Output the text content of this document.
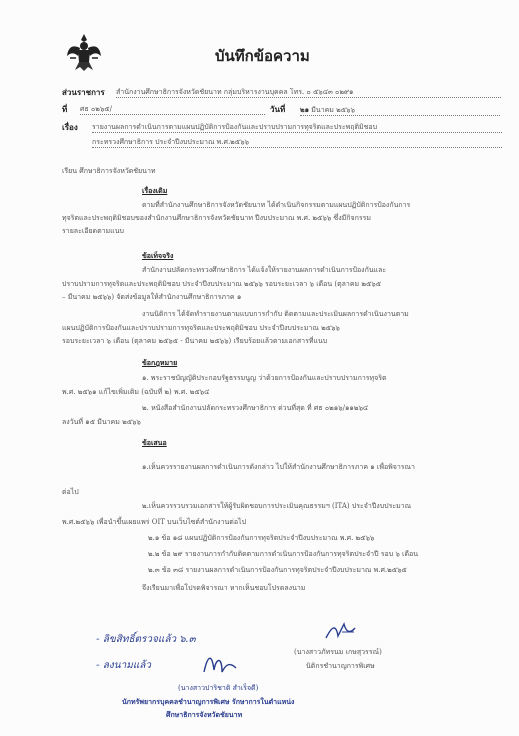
บันทึกข้อความ
ส่วนราชการ สำนักงานศึกษาธิการจังหวัดชัยนาท กลุ่มบริหารงานบุคคล โทร. ๐ ๕๖๔๓ ๐๒๙๑
ที่ ศธ ๐๒๖๕/	วันที่ ๒๑ มีนาคม ๒๕๖๖
เรื่อง รายงานผลการดำเนินการตามแผนปฏิบัติการป้องกันและปราบปรามการทุจริตและประพฤติมิชอบ
กระทรวงศึกษาธิการ ประจำปีงบประมาณ พ.ศ.๒๕๖๖
เรียน ศึกษาธิการจังหวัดชัยนาท
เรื่องเดิม
ตามที่สำนักงานศึกษาธิการจังหวัดชัยนาท ได้ดำเนินกิจกรรมตามแผนปฏิบัติการป้องกันการ
ทุจริตและประพฤติมิชอบของสำนักงานศึกษาธิการจังหวัดชัยนาท ปีงบประมาณ พ.ศ. ๒๕๖๖ ซึ่งมีกิจกรรม
รายละเอียดตามแนบ
ข้อเท็จจริง
สำนักงานปลัดกระทรวงศึกษาธิการ ได้แจ้งให้รายงานผลการดำเนินการป้องกันและ
ปราบปรามการทุจริตและประพฤติมิชอบ ประจำปีงบประมาณ ๒๕๖๖ รอบระยะเวลา ๖ เดือน (ตุลาคม ๒๕๖๕
– มีนาคม ๒๕๖๖) จัดส่งข้อมูลให้สำนักงานศึกษาธิการภาค ๑
งานนิติการ ได้จัดทำรายงานตามแบบการกำกับ ติดตามและประเมินผลการดำเนินงานตาม
แผนปฏิบัติการป้องกันและปราบปรามการทุจริตและประพฤติมิชอบ ประจำปีงบประมาณ ๒๕๖๖
รอบระยะเวลา ๖ เดือน (ตุลาคม ๒๕๖๕ - มีนาคม ๒๕๖๖) เรียบร้อยแล้วตามเอกสารที่แนบ
ข้อกฎหมาย
๑. พระราชบัญญัติประกอบรัฐธรรมนูญ ว่าด้วยการป้องกันและปราบปรามการทุจริต
พ.ศ. ๒๕๖๑ แก้ไขเพิ่มเติม (ฉบับที่ ๒) พ.ศ. ๒๕๖๔
๒. หนังสือสำนักงานปลัดกระทรวงศึกษาธิการ ด่วนที่สุด ที่ ศธ ๐๒๑๖/๑๑๒๖๔
ลงวันที่ ๑๕ มีนาคม ๒๕๖๖
ข้อเสนอ
๑.เห็นควรรายงานผลการดำเนินการดังกล่าว ไปให้สำนักงานศึกษาธิการภาค ๑ เพื่อพิจารณา
ต่อไป
๒.เห็นควรรวบรวมเอกสารให้ผู้รับผิดชอบการประเมินคุณธรรมฯ (ITA) ประจำปีงบประมาณ
พ.ศ.๒๕๖๖ เพื่อนำขึ้นเผยแพร่ OIT บนเว็บไซต์สำนักงานต่อไป
๒.๑ ข้อ ๑๘ แผนปฏิบัติการป้องกันการทุจริตประจำปีงบประมาณ พ.ศ. ๒๕๖๖
๒.๒ ข้อ ๒๙ รายงานการกำกับติดตามการดำเนินการป้องกันการทุจริตประจำปี รอบ ๖ เดือน
๒.๓ ข้อ ๓๘ รายงานผลการดำเนินการป้องกันการทุจริตประจำปีงบประมาณ พ.ศ.๒๕๖๕
จึงเรียนมาเพื่อโปรดพิจารณา หากเห็นชอบโปรดลงนาม
- ลิขสิทธิ์ตรวจแล้ว ๖.๓
- ลงนามแล้ว
(นางสาวภัทรนม เกษสุวรรณ์)
นิติกรชำนาญการพิเศษ
(นางสาวปาริชาติ สำเร็จดี)
นักทรัพยากรบุคคลชำนาญการพิเศษ รักษาการในตำแหน่ง
ศึกษาธิการจังหวัดชัยนาท
